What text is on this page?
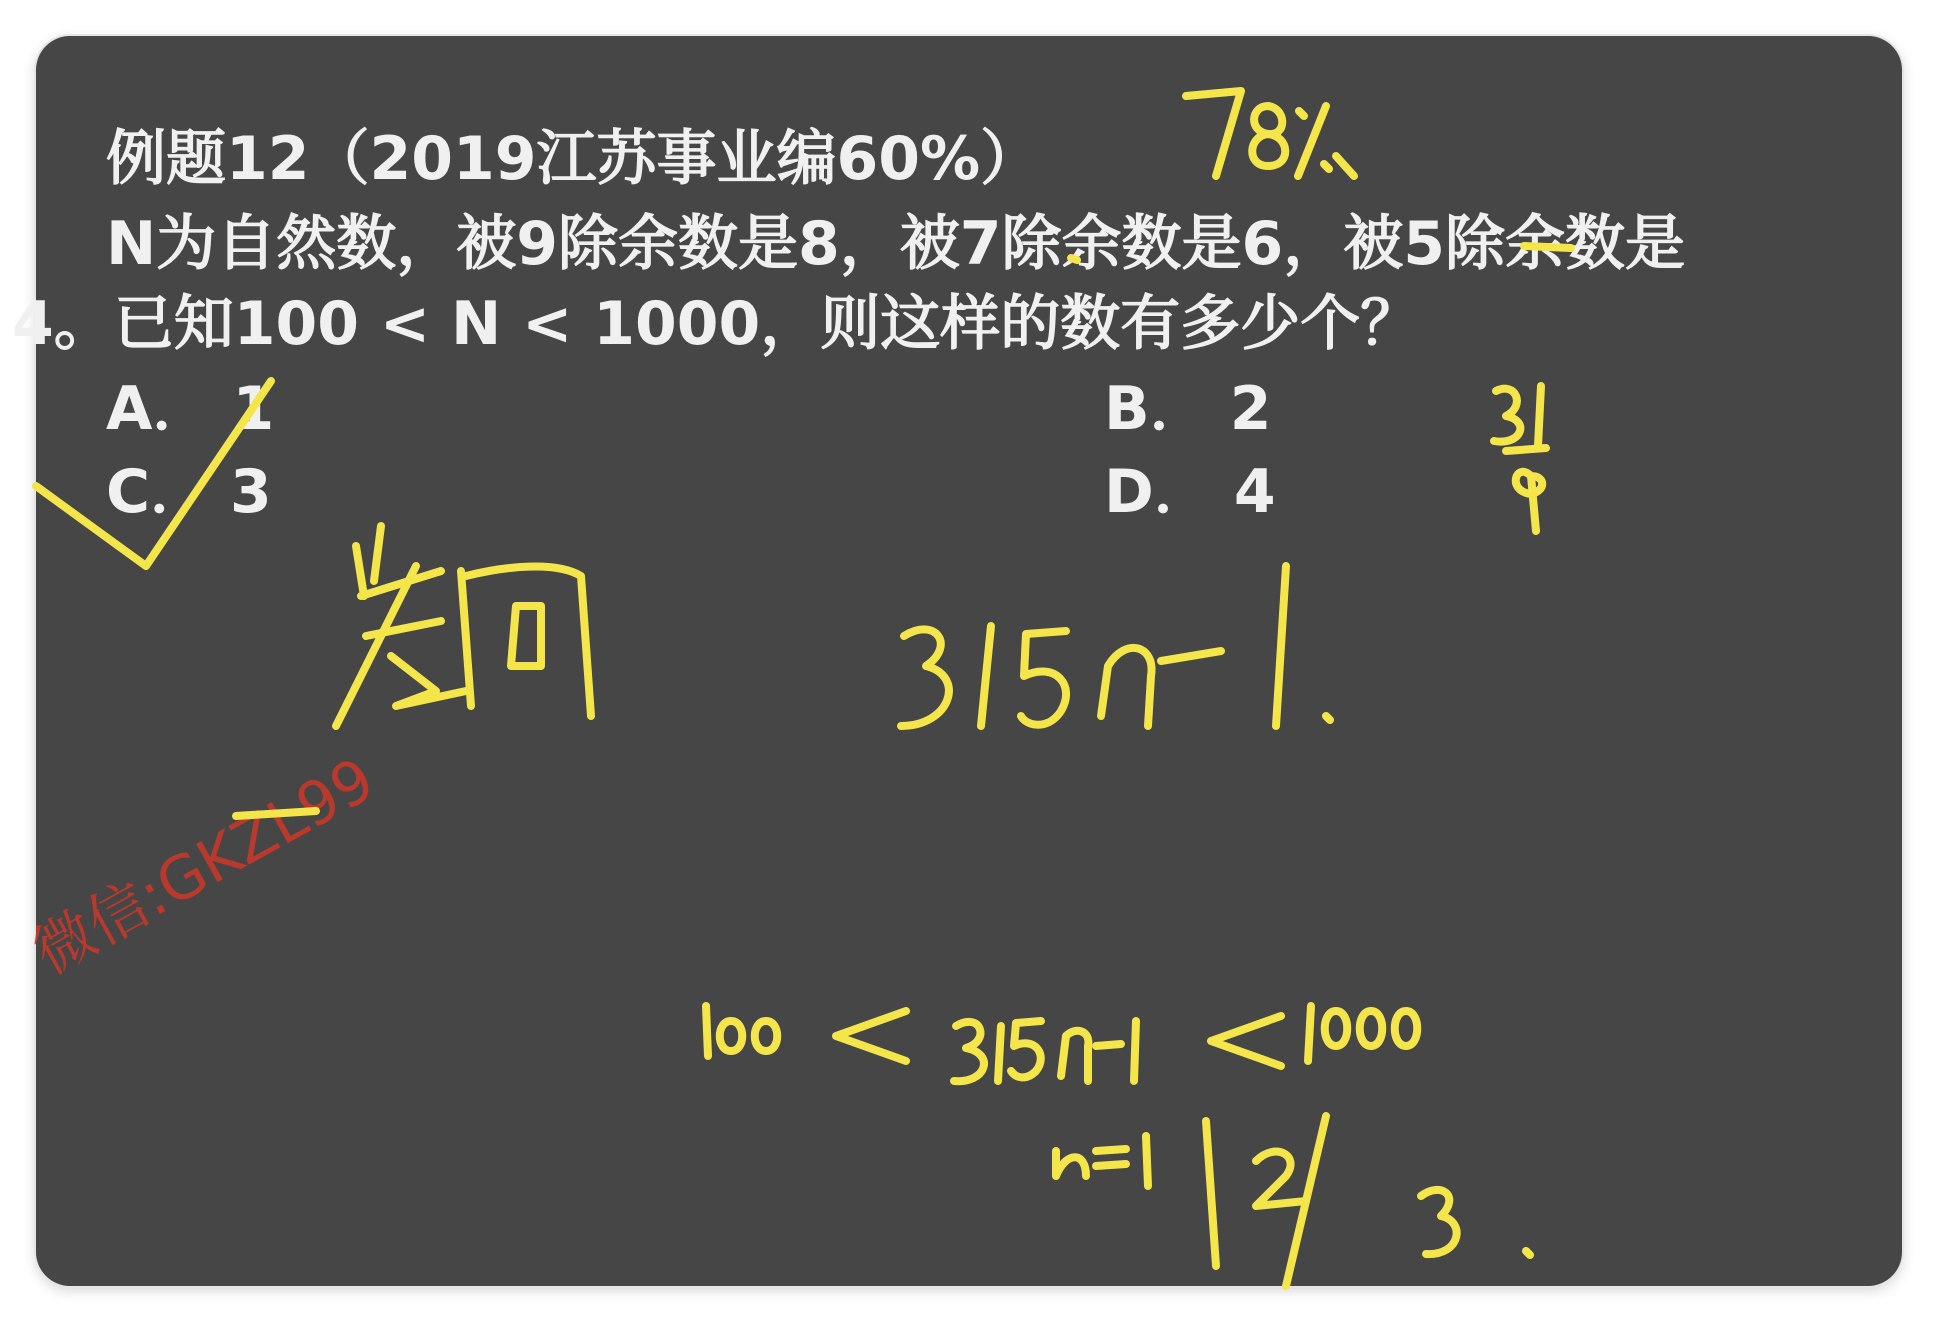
例题12（2019江苏事业编60%）
N为自然数，被9除余数是8，被7除余数是6，被5除余数是
4。已知100 < N < 1000，则这样的数有多少个？
A． 1	B． 2
C． 3	D． 4
微信:GKZL99
